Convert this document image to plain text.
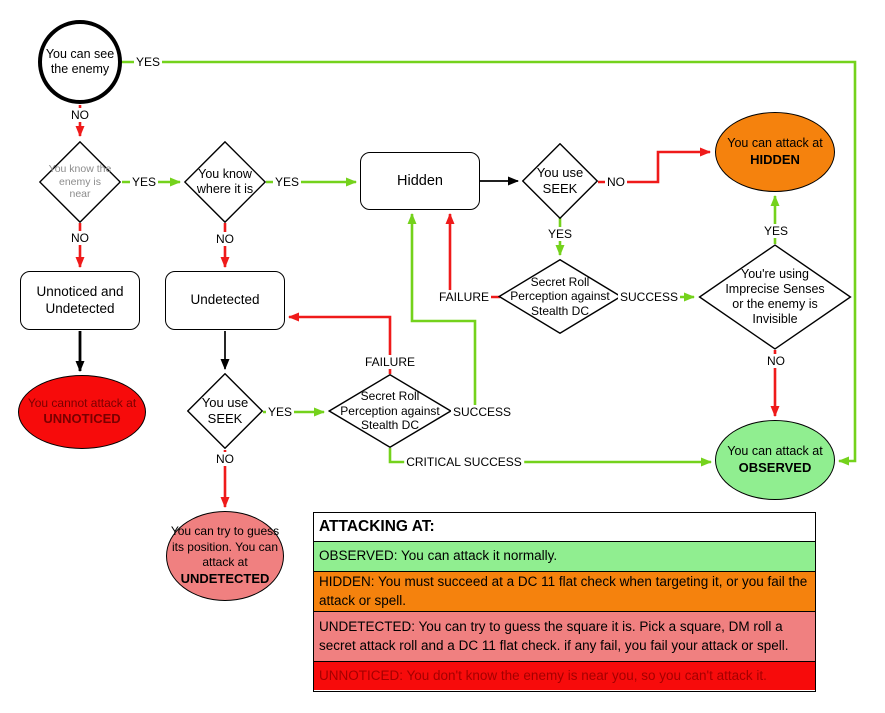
You can see the enemy
You know the enemy is near
You know where it is
Hidden
You use SEEK
Secret Roll Perception against Stealth DC
You're using Imprecise Senses or the enemy is Invisible
You can attack at
HIDDEN
You can attack at
OBSERVED
Unnoticed and Undetected
Undetected
You cannot attack at
UNNOTICED
You use SEEK
Secret Roll Perception against Stealth DC
You can try to guess its position. You can attack at
UNDETECTED
YES
NO
YES
NO
YES
NO
NO
YES
FAILURE	SUCCESS
YES
NO
YES
NO
FAILURE
SUCCESS
CRITICAL SUCCESS
ATTACKING AT:
OBSERVED: You can attack it normally.
HIDDEN: You must succeed at a DC 11 flat check when targeting it, or you fail the attack or spell.
UNDETECTED: You can try to guess the square it is. Pick a square, DM roll a secret attack roll and a DC 11 flat check. if any fail, you fail your attack or spell.
UNNOTICED: You don't know the enemy is near you, so you can't attack it.
